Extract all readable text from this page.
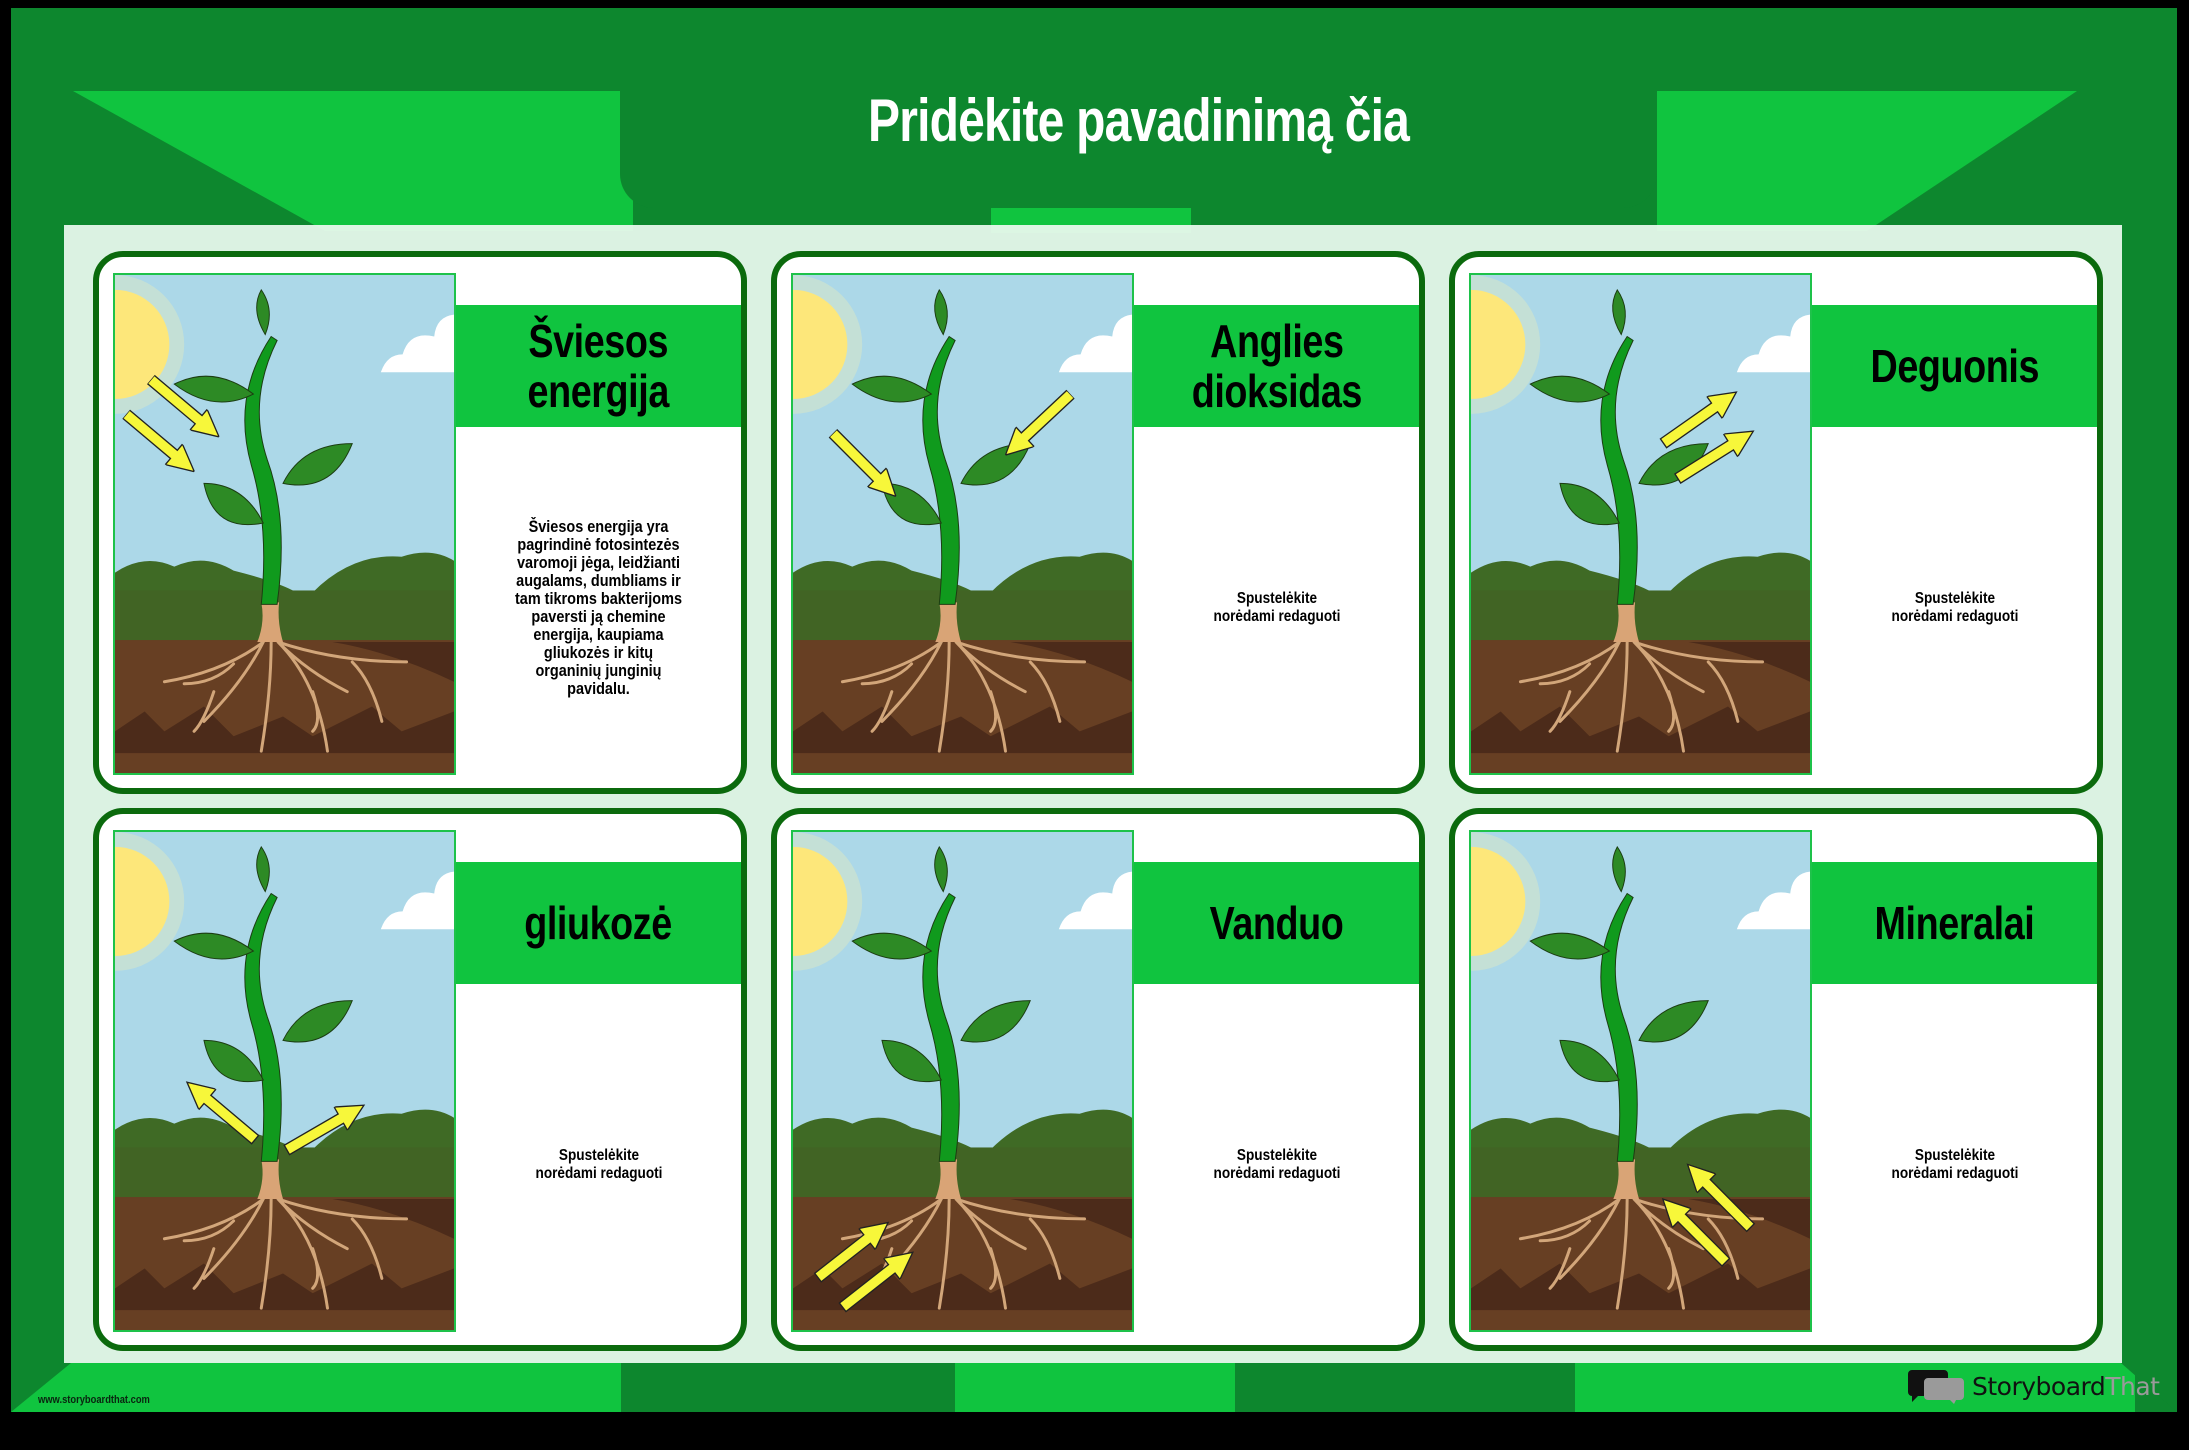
Pridėkite pavadinimą čia
www.storyboardthat.com	StoryboardThat
Šviesos
energija
Šviesos energija yra pagrindinė fotosintezės varomoji jėga, leidžianti augalams, dumbliams ir tam tikroms bakterijoms paversti ją chemine energija, kaupiama gliukozės ir kitų organinių junginių pavidalu.
Anglies
dioksidas
Spustelėkite norėdami redaguoti
Deguonis
Spustelėkite norėdami redaguoti
gliukozė
Spustelėkite norėdami redaguoti
Vanduo
Spustelėkite norėdami redaguoti
Mineralai
Spustelėkite norėdami redaguoti
